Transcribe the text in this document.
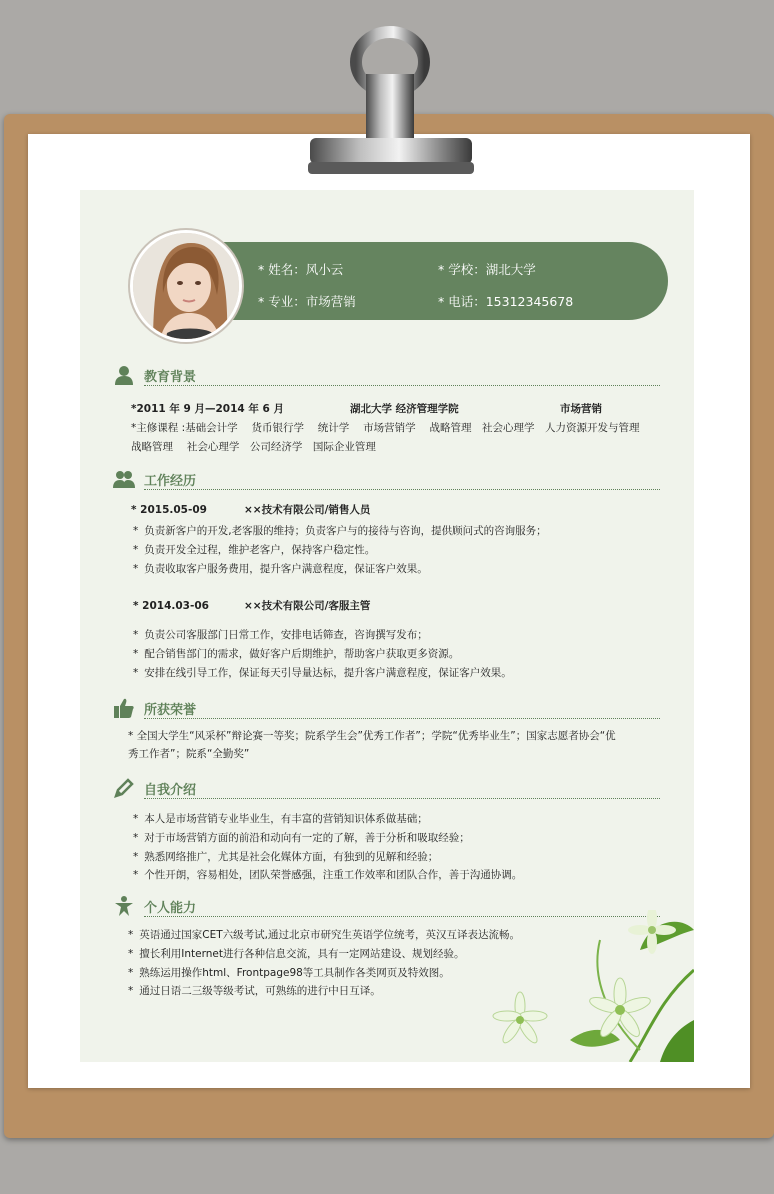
* 姓名：风小云	* 学校：湖北大学
* 专业：市场营销	* 电话：15312345678
教育背景
*2011 年 9 月—2014 年 6 月	湖北大学 经济管理学院	市场营销
*主修课程 :基础会计学　 货币银行学　 统计学　 市场营销学　 战略管理　社会心理学　人力资源开发与管理
战略管理　 社会心理学　公司经济学　国际企业管理
工作经历
* 2015.05-09	××技术有限公司/销售人员
* 负责新客户的开发,老客服的维持；负责客户与的接待与咨询，提供顾问式的咨询服务；
* 负责开发全过程，维护老客户，保持客户稳定性。
* 负责收取客户服务费用，提升客户满意程度，保证客户效果。
* 2014.03-06	××技术有限公司/客服主管
* 负责公司客服部门日常工作，安排电话筛查，咨询撰写发布；
* 配合销售部门的需求，做好客户后期维护，帮助客户获取更多资源。
* 安排在线引导工作，保证每天引导量达标，提升客户满意程度，保证客户效果。
所获荣誉
* 全国大学生“风采杯”辩论赛一等奖；院系学生会”优秀工作者”；学院“优秀毕业生”；国家志愿者协会“优
秀工作者”；院系“全勤奖”
自我介绍
* 本人是市场营销专业毕业生，有丰富的营销知识体系做基础；
* 对于市场营销方面的前沿和动向有一定的了解，善于分析和吸取经验；
* 熟悉网络推广，尤其是社会化媒体方面，有独到的见解和经验；
* 个性开朗，容易相处，团队荣誉感强，注重工作效率和团队合作，善于沟通协调。
个人能力
* 英语通过国家CET六级考试,通过北京市研究生英语学位统考，英汉互译表达流畅。
* 擅长利用Internet进行各种信息交流，具有一定网站建设、规划经验。
* 熟练运用操作html、Frontpage98等工具制作各类网页及特效图。
* 通过日语二三级等级考试，可熟练的进行中日互译。
